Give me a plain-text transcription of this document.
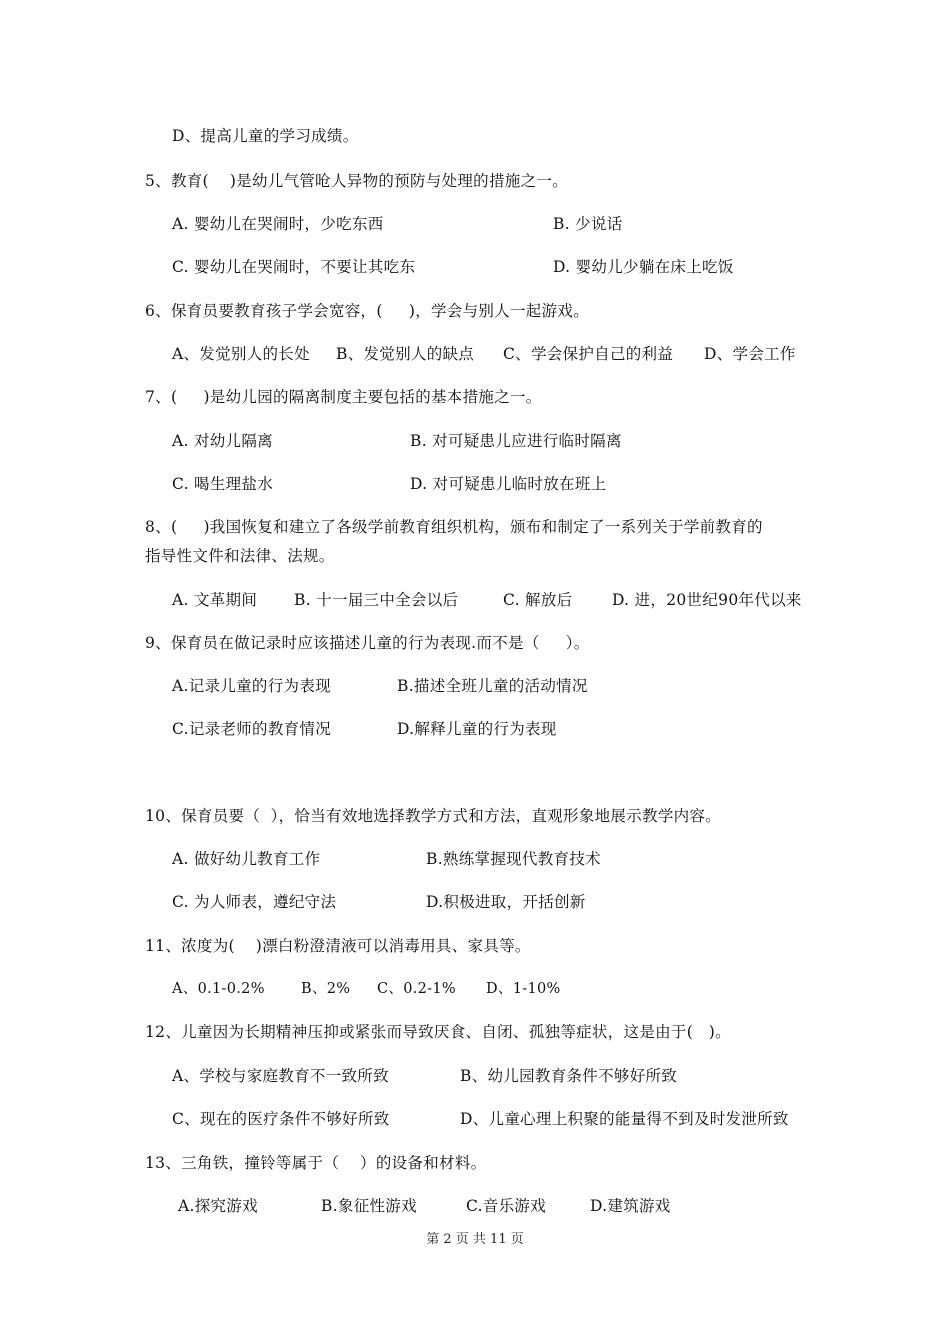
D、提高儿童的学习成绩。
5、教育(    )是幼儿气管呛人异物的预防与处理的措施之一。
A. 婴幼儿在哭闹时，少吃东西	B. 少说话
C. 婴幼儿在哭闹时，不要让其吃东	D. 婴幼儿少躺在床上吃饭
6、保育员要教育孩子学会宽容，(     )，学会与别人一起游戏。
A、发觉别人的长处 B、发觉别人的缺点 C、学会保护自己的利益 D、学会工作
7、(     )是幼儿园的隔离制度主要包括的基本措施之一。
A. 对幼儿隔离	B. 对可疑患儿应进行临时隔离
C. 喝生理盐水	D. 对可疑患儿临时放在班上
8、(     )我国恢复和建立了各级学前教育组织机构，颁布和制定了一系列关于学前教育的
指导性文件和法律、法规。
A. 文革期间 B. 十一届三中全会以后	C. 解放后	D. 进，20世纪90年代以来
9、保育员在做记录时应该描述儿童的行为表现.而不是（     ）。
A.记录儿童的行为表现	B.描述全班儿童的活动情况
C.记录老师的教育情况	D.解释儿童的行为表现
10、保育员要（  ），恰当有效地选择教学方式和方法，直观形象地展示教学内容。
A. 做好幼儿教育工作	B.熟练掌握现代教育技术
C. 为人师表，遵纪守法	D.积极进取，开括创新
11、浓度为(    )漂白粉澄清液可以消毒用具、家具等。
A、0.1-0.2% B、2% C、0.2-1% D、1-10%
12、儿童因为长期精神压抑或紧张而导致厌食、自闭、孤独等症状，这是由于(   )。
A、学校与家庭教育不一致所致	B、幼儿园教育条件不够好所致
C、现在的医疗条件不够好所致	D、儿童心理上积聚的能量得不到及时发泄所致
13、三角铁，撞铃等属于（    ）的设备和材料。
A.探究游戏	B.象征性游戏	C.音乐游戏	D.建筑游戏
第 2 页 共 11 页
